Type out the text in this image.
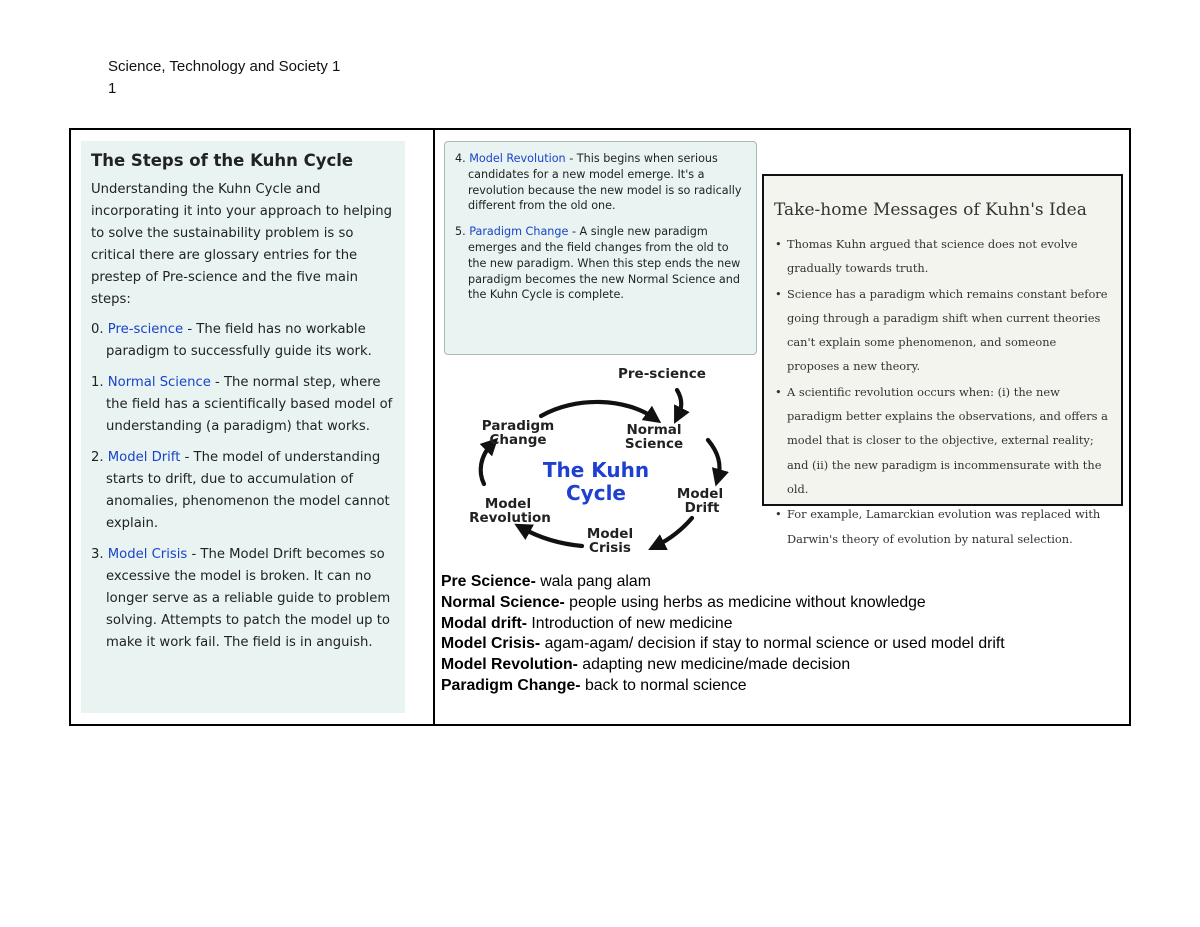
Science, Technology and Society 1
1
The Steps of the Kuhn Cycle

Understanding the Kuhn Cycle and incorporating it into your approach to helping to solve the sustainability problem is so critical there are glossary entries for the prestep of Pre-science and the five main steps:

0. Pre-science - The field has no workable paradigm to successfully guide its work.
1. Normal Science - The normal step, where the field has a scientifically based model of understanding (a paradigm) that works.
2. Model Drift - The model of understanding starts to drift, due to accumulation of anomalies, phenomenon the model cannot explain.
3. Model Crisis - The Model Drift becomes so excessive the model is broken. It can no longer serve as a reliable guide to problem solving. Attempts to patch the model up to make it work fail. The field is in anguish.
4. Model Revolution - This begins when serious candidates for a new model emerge. It's a revolution because the new model is so radically different from the old one.
5. Paradigm Change - A single new paradigm emerges and the field changes from the old to the new paradigm. When this step ends the new paradigm becomes the new Normal Science and the Kuhn Cycle is complete.
Pre-science
Normal
Science
Paradigm
Change
Model
Drift
Model
Revolution
Model
Crisis
The Kuhn
Cycle
Take-home Messages of Kuhn's Idea
• Thomas Kuhn argued that science does not evolve gradually towards truth.
• Science has a paradigm which remains constant before going through a paradigm shift when current theories can't explain some phenomenon, and someone proposes a new theory.
• A scientific revolution occurs when: (i) the new paradigm better explains the observations, and offers a model that is closer to the objective, external reality; and (ii) the new paradigm is incommensurate with the old.
• For example, Lamarckian evolution was replaced with Darwin's theory of evolution by natural selection.
Pre Science- wala pang alam
Normal Science- people using herbs as medicine without knowledge
Modal drift- Introduction of new medicine
Model Crisis- agam-agam/ decision if stay to normal science or used model drift
Model Revolution- adapting new medicine/made decision
Paradigm Change- back to normal science
